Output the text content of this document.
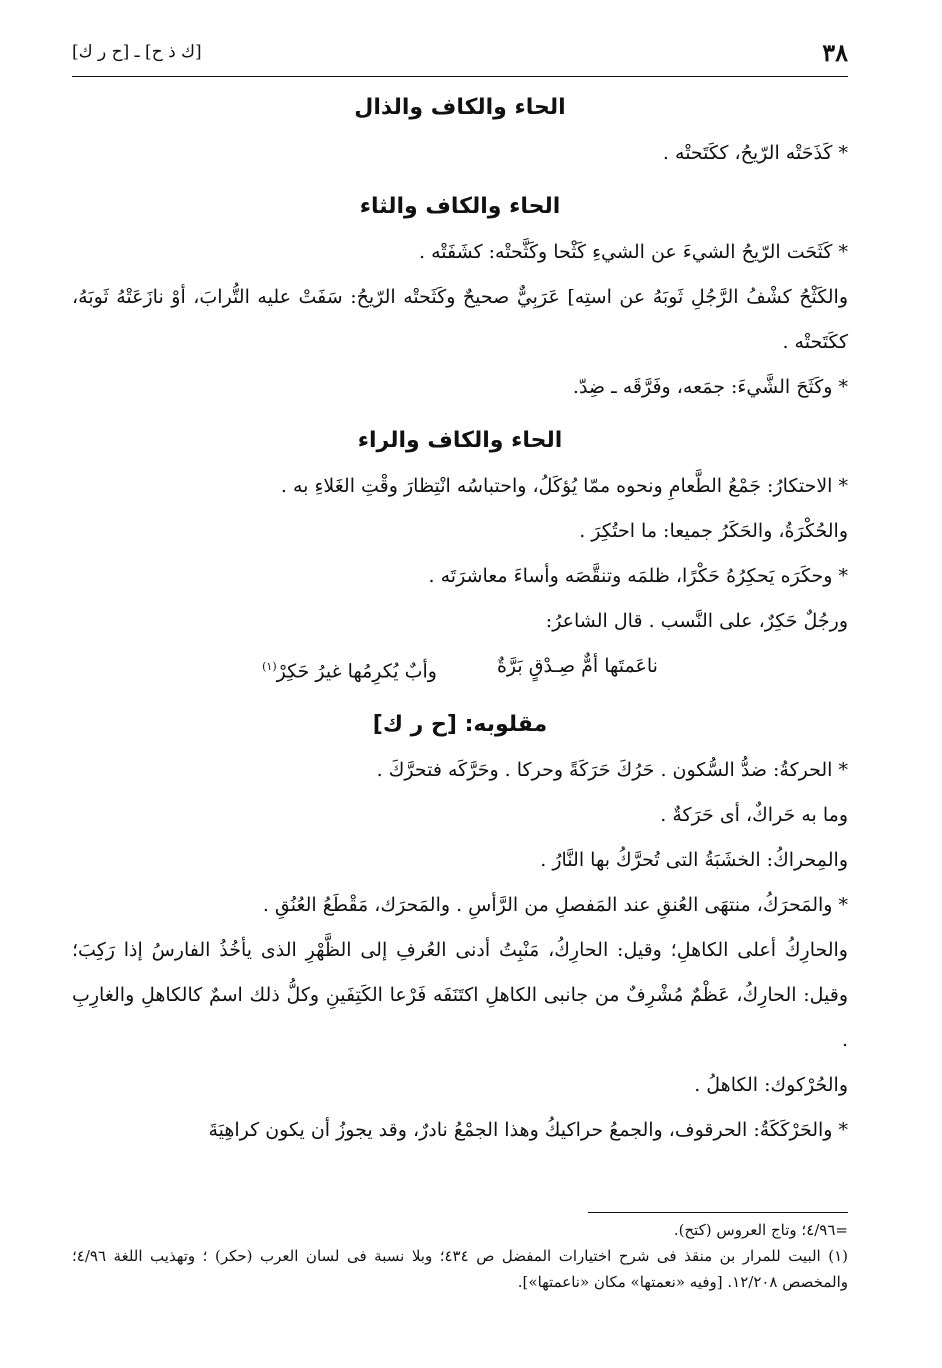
٣٨
[ك ذ ح] ـ [ح ر ك]
الحاء والكاف والذال

* كَذَحَتْه الرّيحُ، ككَتَحتْه .

الحاء والكاف والثاء

* كَثَحَت الرّيحُ الشيءَ عن الشيءِ كَثْحا وكَثَّحتْه: كشَفَتْه .

والكَثْحُ كشْفُ الرَّجُلِ ثَوبَهُ عن استِه] عَرَبِيٌّ صحيحٌ وكَثَحتْه الرّيحُ: سَفَتْ عليه التُّرابَ، أوْ نازَعَتْهُ ثَوبَهُ، ككَتَحتْه .

* وكَثَحَ الشَّيءَ: جمَعه، وفَرَّقَه ـ ضِدّ.

الحاء والكاف والراء

* الاحتكارُ: جَمْعُ الطَّعامِ ونحوه ممّا يُؤكَلُ، واحتباسُه انْتِظارَ وقْتِ الغَلاءِ به .

والحُكْرَةُ، والحَكَرُ جميعا: ما احتُكِرَ .

* وحكَرَه يَحكِرُهُ حَكْرًا، ظلمَه وتنقَّصَه وأساءَ معاشرَتَه .

ورجُلٌ حَكِرٌ، على النَّسب . قال الشاعرُ:

ناعَمتَها أمٌّ صِـدْقٍ بَرَّةٌ
وأبٌ يُكرِمُها غيرُ حَكِرْ$^{(١)}$
مقلوبه: [ح ر ك]

* الحركةُ: ضدُّ السُّكون . حَرُكَ حَرَكَةً وحركا . وحَرَّكَه فتحرَّكَ .

وما به حَراكٌ، أى حَرَكةٌ .

والمِحراكُ: الخشَبَةُ التى تُحرَّكُ بها النَّارُ .

* والمَحرَكُ، منتهَى العُنقِ عند المَفصلِ من الرَّأسِ . والمَحرَك، مَقْطَعُ العُنُقِ .

والحارِكُ أعلى الكاهلِ؛ وقيل: الحارِكُ، مَنْبِتُ أدنى العُرفِ إلى الظَّهْرِ الذى يأخُذُ الفارسُ إذا رَكِبَ؛ وقيل: الحارِكُ، عَظْمٌ مُشْرِفٌ من جانبى الكاهلِ اكتَنَفَه فَرْعا الكَتِفَينِ وكلُّ ذلك اسمٌ كالكاهلِ والغارِبِ .

والحُرْكوك: الكاهلُ .

* والحَرْكَكَةُ: الحرقوف، والجمعُ حراكيكُ وهذا الجمْعُ نادرٌ، وقد يجوزُ أن يكون كراهِيَةَ

=٤/٩٦؛ وتاج العروس (كتح).

(١) البيت للمرار بن منقذ فى شرح اختيارات المفضل ص ٤٣٤؛ وبلا نسبة فى لسان العرب (حكر) ؛ وتهذيب اللغة ٤/٩٦؛ والمخصص ١٢/٢٠٨. [وفيه «نعمتها» مكان «ناعمتها»].
